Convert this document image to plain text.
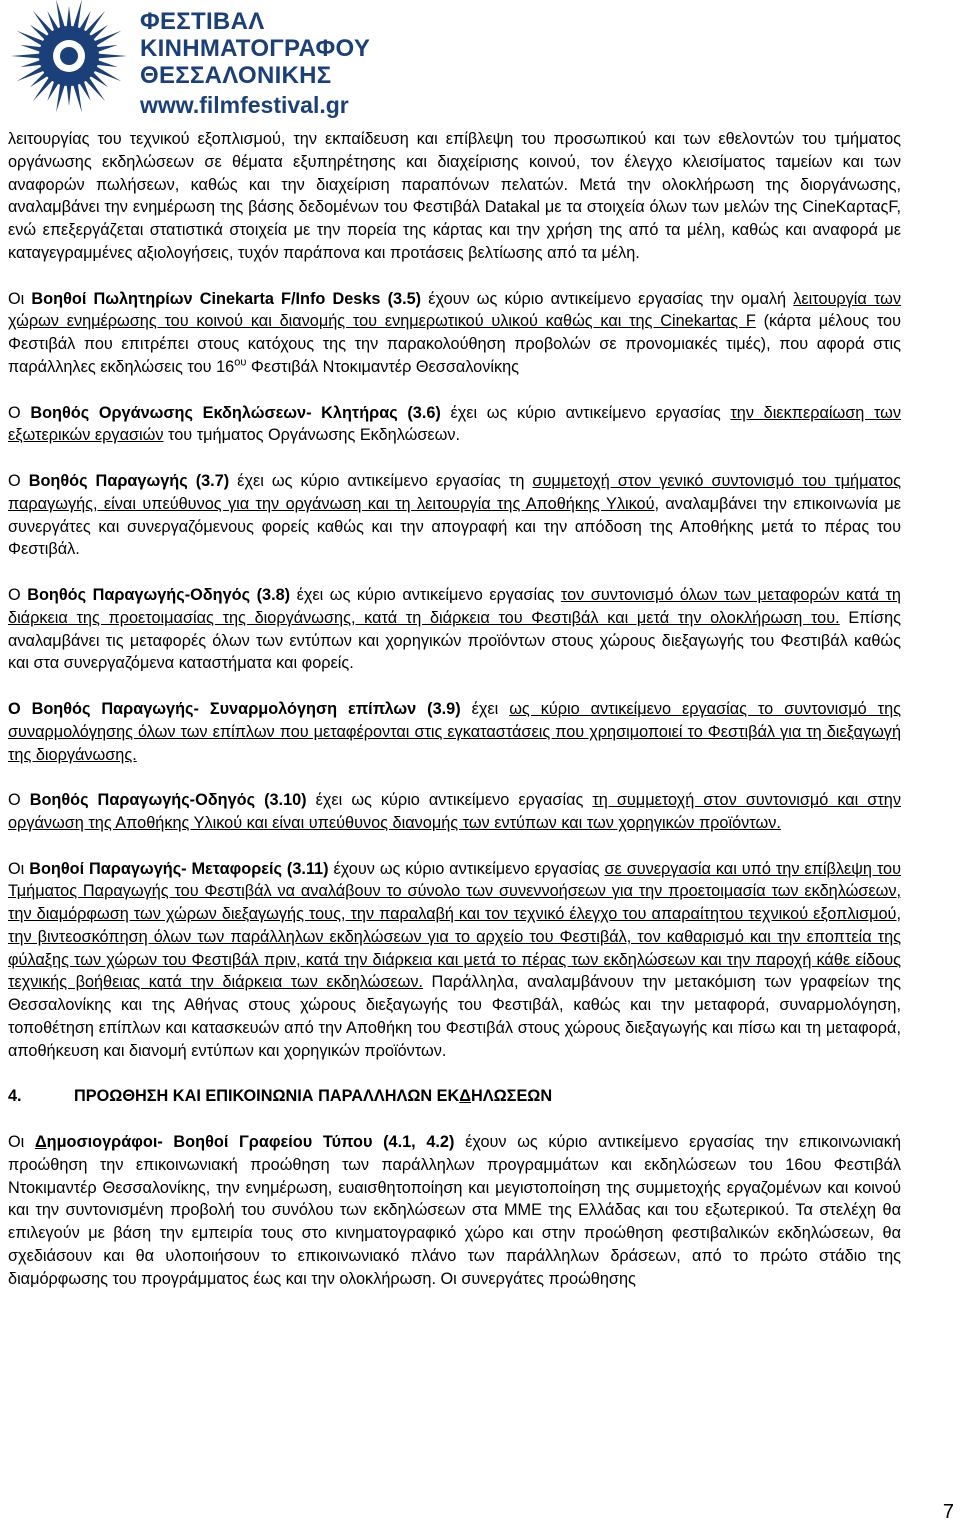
ΦΕΣΤΙΒΑΛ
ΚΙΝΗΜΑΤΟΓΡΑΦΟΥ
ΘΕΣΣΑΛΟΝΙΚΗΣ
www.filmfestival.gr

λειτουργίας του τεχνικού εξοπλισμού, την εκπαίδευση και επίβλεψη του προσωπικού και των εθελοντών του τμήματος οργάνωσης εκδηλώσεων σε θέματα εξυπηρέτησης και διαχείρισης κοινού, τον έλεγχο κλεισίματος ταμείων και των αναφορών πωλήσεων, καθώς και την διαχείριση παραπόνων πελατών. Μετά την ολοκλήρωση της διοργάνωσης, αναλαμβάνει την ενημέρωση της βάσης δεδομένων του Φεστιβάλ Datakal με τα στοιχεία όλων των μελών της CineΚαρταςF, ενώ επεξεργάζεται στατιστικά στοιχεία με την πορεία της κάρτας και την χρήση της από τα μέλη, καθώς και αναφορά με καταγεγραμμένες αξιολογήσεις, τυχόν παράπονα και προτάσεις βελτίωσης από τα μέλη.

Οι Βοηθοί Πωλητηρίων Cinekarta F/Info Desks (3.5) έχουν ως κύριο αντικείμενο εργασίας την ομαλή λειτουργία των χώρων ενημέρωσης του κοινού και διανομής του ενημερωτικού υλικού καθώς και της Cinekartας F (κάρτα μέλους του Φεστιβάλ που επιτρέπει στους κατόχους της την παρακολούθηση προβολών σε προνομιακές τιμές), που αφορά στις παράλληλες εκδηλώσεις του $16^{o\upsilon}$ Φεστιβάλ Ντοκιμαντέρ Θεσσαλονίκης

Ο Βοηθός Οργάνωσης Εκδηλώσεων- Κλητήρας (3.6) έχει ως κύριο αντικείμενο εργασίας την διεκπεραίωση των εξωτερικών εργασιών του τμήματος Οργάνωσης Εκδηλώσεων.

Ο Βοηθός Παραγωγής (3.7) έχει ως κύριο αντικείμενο εργασίας τη συμμετοχή στον γενικό συντονισμό του τμήματος παραγωγής, είναι υπεύθυνος για την οργάνωση και τη λειτουργία της Αποθήκης Υλικού, αναλαμβάνει την επικοινωνία με συνεργάτες και συνεργαζόμενους φορείς καθώς και την απογραφή και την απόδοση της Αποθήκης μετά το πέρας του Φεστιβάλ.

Ο Βοηθός Παραγωγής-Οδηγός (3.8) έχει ως κύριο αντικείμενο εργασίας τον συντονισμό όλων των μεταφορών κατά τη διάρκεια της προετοιμασίας της διοργάνωσης, κατά τη διάρκεια του Φεστιβάλ και μετά την ολοκλήρωση του. Επίσης αναλαμβάνει τις μεταφορές όλων των εντύπων και χορηγικών προϊόντων στους χώρους διεξαγωγής του Φεστιβάλ καθώς και στα συνεργαζόμενα καταστήματα και φορείς.

Ο Βοηθός Παραγωγής- Συναρμολόγηση επίπλων (3.9) έχει ως κύριο αντικείμενο εργασίας το συντονισμό της συναρμολόγησης όλων των επίπλων που μεταφέρονται στις εγκαταστάσεις που χρησιμοποιεί το Φεστιβάλ για τη διεξαγωγή της διοργάνωσης.

Ο Βοηθός Παραγωγής-Οδηγός (3.10) έχει ως κύριο αντικείμενο εργασίας τη συμμετοχή στον συντονισμό και στην οργάνωση της Αποθήκης Υλικού και είναι υπεύθυνος διανομής των εντύπων και των χορηγικών προϊόντων.

Οι Βοηθοί Παραγωγής- Μεταφορείς (3.11) έχουν ως κύριο αντικείμενο εργασίας σε συνεργασία και υπό την επίβλεψη του Τμήματος Παραγωγής του Φεστιβάλ να αναλάβουν το σύνολο των συνεννοήσεων για την προετοιμασία των εκδηλώσεων, την διαμόρφωση των χώρων διεξαγωγής τους, την παραλαβή και τον τεχνικό έλεγχο του απαραίτητου τεχνικού εξοπλισμού, την βιντεοσκόπηση όλων των παράλληλων εκδηλώσεων για το αρχείο του Φεστιβάλ, τον καθαρισμό και την εποπτεία της φύλαξης των χώρων του Φεστιβάλ πριν, κατά την διάρκεια και μετά το πέρας των εκδηλώσεων και την παροχή κάθε είδους τεχνικής βοήθειας κατά την διάρκεια των εκδηλώσεων. Παράλληλα, αναλαμβάνουν την μετακόμιση των γραφείων της Θεσσαλονίκης και της Αθήνας στους χώρους διεξαγωγής του Φεστιβάλ, καθώς και την μεταφορά, συναρμολόγηση, τοποθέτηση επίπλων και κατασκευών από την Αποθήκη του Φεστιβάλ στους χώρους διεξαγωγής και πίσω και τη μεταφορά, αποθήκευση και διανομή εντύπων και χορηγικών προϊόντων.

4.	ΠΡΟΩΘΗΣΗ ΚΑΙ ΕΠΙΚΟΙΝΩΝΙΑ ΠΑΡΑΛΛΗΛΩΝ ΕΚΔΗΛΩΣΕΩΝ

Οι Δημοσιογράφοι- Βοηθοί Γραφείου Τύπου (4.1, 4.2) έχουν ως κύριο αντικείμενο εργασίας την επικοινωνιακή προώθηση την επικοινωνιακή προώθηση των παράλληλων προγραμμάτων και εκδηλώσεων του 16ου Φεστιβάλ Ντοκιμαντέρ Θεσσαλονίκης, την ενημέρωση, ευαισθητοποίηση και μεγιστοποίηση της συμμετοχής εργαζομένων και κοινού και την συντονισμένη προβολή του συνόλου των εκδηλώσεων στα ΜΜΕ της Ελλάδας και του εξωτερικού. Τα στελέχη θα επιλεγούν με βάση την εμπειρία τους στο κινηματογραφικό χώρο και στην προώθηση φεστιβαλικών εκδηλώσεων, θα σχεδιάσουν και θα υλοποιήσουν το επικοινωνιακό πλάνο των παράλληλων δράσεων, από το πρώτο στάδιο της διαμόρφωσης του προγράμματος έως και την ολοκλήρωση. Οι συνεργάτες προώθησης

7
